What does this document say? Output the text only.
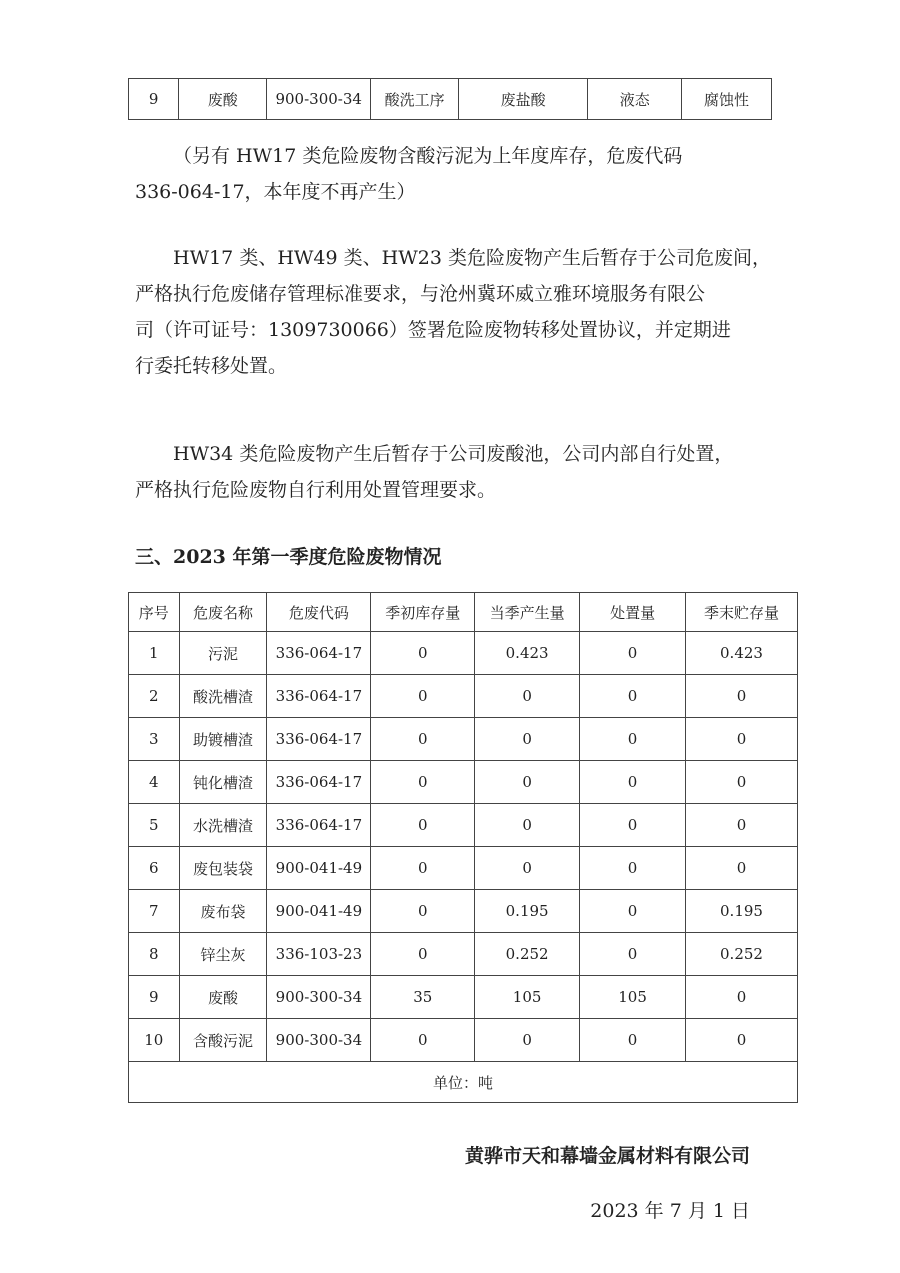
9	废酸	900-300-34	酸洗工序	废盐酸	液态	腐蚀性
（另有 HW17 类危险废物含酸污泥为上年度库存，危废代码
336-064-17，本年度不再产生）
HW17 类、HW49 类、HW23 类危险废物产生后暂存于公司危废间，
严格执行危废储存管理标准要求，与沧州冀环威立雅环境服务有限公
司（许可证号：1309730066）签署危险废物转移处置协议，并定期进
行委托转移处置。
HW34 类危险废物产生后暂存于公司废酸池，公司内部自行处置，
严格执行危险废物自行利用处置管理要求。

三、2023 年第一季度危险废物情况

序号	危废名称	危废代码	季初库存量	当季产生量	处置量	季末贮存量
1	污泥	336-064-17	0	0.423	0	0.423
2	酸洗槽渣	336-064-17	0	0	0	0
3	助镀槽渣	336-064-17	0	0	0	0
4	钝化槽渣	336-064-17	0	0	0	0
5	水洗槽渣	336-064-17	0	0	0	0
6	废包装袋	900-041-49	0	0	0	0
7	废布袋	900-041-49	0	0.195	0	0.195
8	锌尘灰	336-103-23	0	0.252	0	0.252
9	废酸	900-300-34	35	105	105	0
10	含酸污泥	900-300-34	0	0	0	0
单位：吨						

黄骅市天和幕墙金属材料有限公司

2023 年 7 月 1 日
